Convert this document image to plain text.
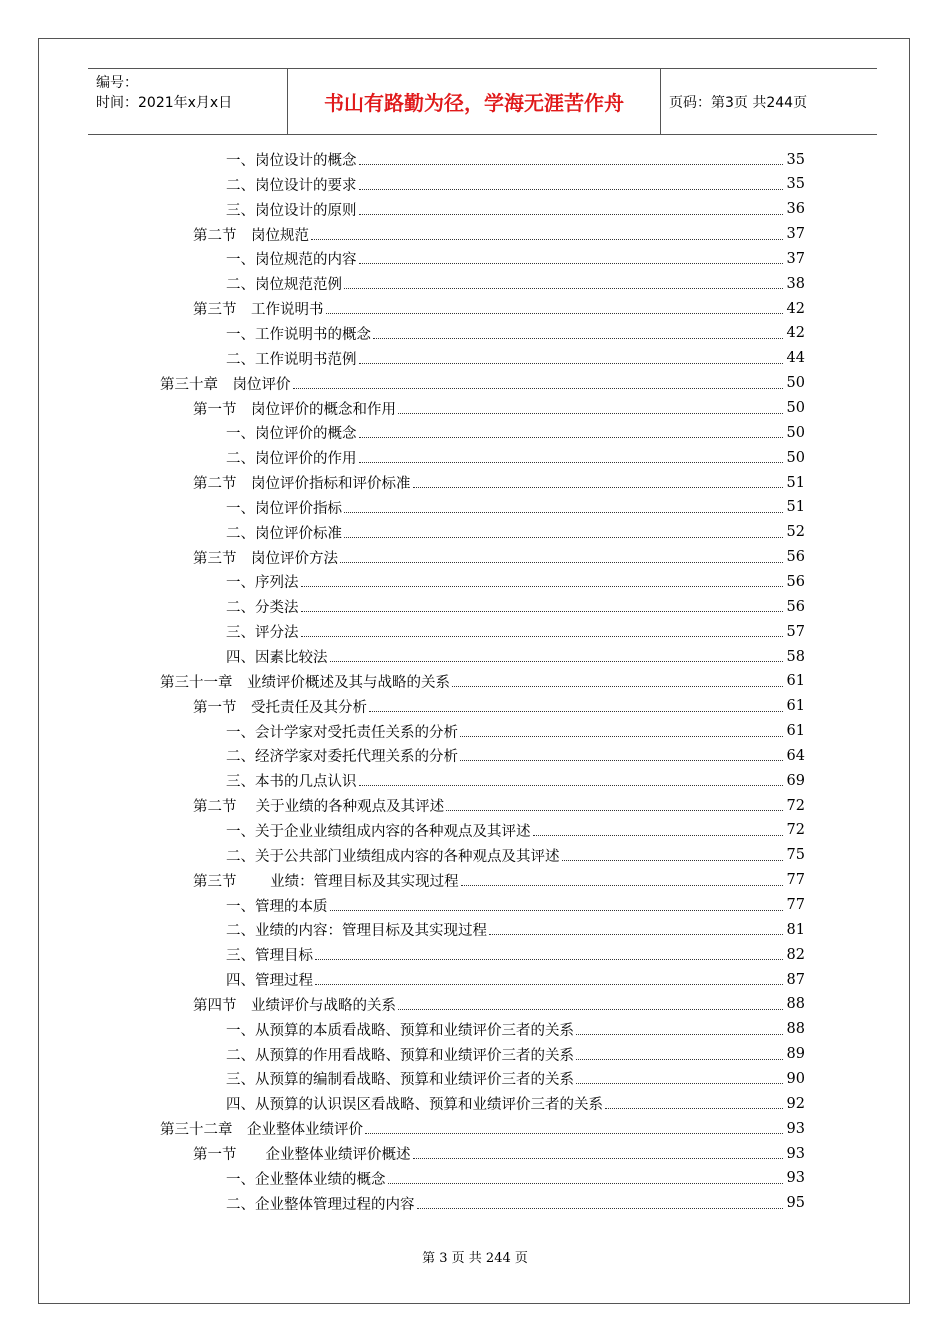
编号：
时间：2021年x月x日	书山有路勤为径，学海无涯苦作舟	页码：第3页 共244页
一、岗位设计的概念	35
二、岗位设计的要求	35
三、岗位设计的原则	36
第二节　岗位规范	37
一、岗位规范的内容	37
二、岗位规范范例	38
第三节　工作说明书	42
一、工作说明书的概念	42
二、工作说明书范例	44
第三十章　岗位评价	50
第一节　岗位评价的概念和作用	50
一、岗位评价的概念	50
二、岗位评价的作用	50
第二节　岗位评价指标和评价标准	51
一、岗位评价指标	51
二、岗位评价标准	52
第三节　岗位评价方法	56
一、序列法	56
二、分类法	56
三、评分法	57
四、因素比较法	58
第三十一章　业绩评价概述及其与战略的关系	61
第一节　受托责任及其分析	61
一、会计学家对受托责任关系的分析	61
二、经济学家对委托代理关系的分析	64
三、本书的几点认识	69
第二节　 关于业绩的各种观点及其评述	72
一、关于企业业绩组成内容的各种观点及其评述	72
二、关于公共部门业绩组成内容的各种观点及其评述	75
第三节　　 业绩：管理目标及其实现过程	77
一、管理的本质	77
二、业绩的内容：管理目标及其实现过程	81
三、管理目标	82
四、管理过程	87
第四节　业绩评价与战略的关系	88
一、从预算的本质看战略、预算和业绩评价三者的关系	88
二、从预算的作用看战略、预算和业绩评价三者的关系	89
三、从预算的编制看战略、预算和业绩评价三者的关系	90
四、从预算的认识误区看战略、预算和业绩评价三者的关系	92
第三十二章　企业整体业绩评价	93
第一节　　企业整体业绩评价概述	93
一、企业整体业绩的概念	93
二、企业整体管理过程的内容	95
第 3 页 共 244 页
